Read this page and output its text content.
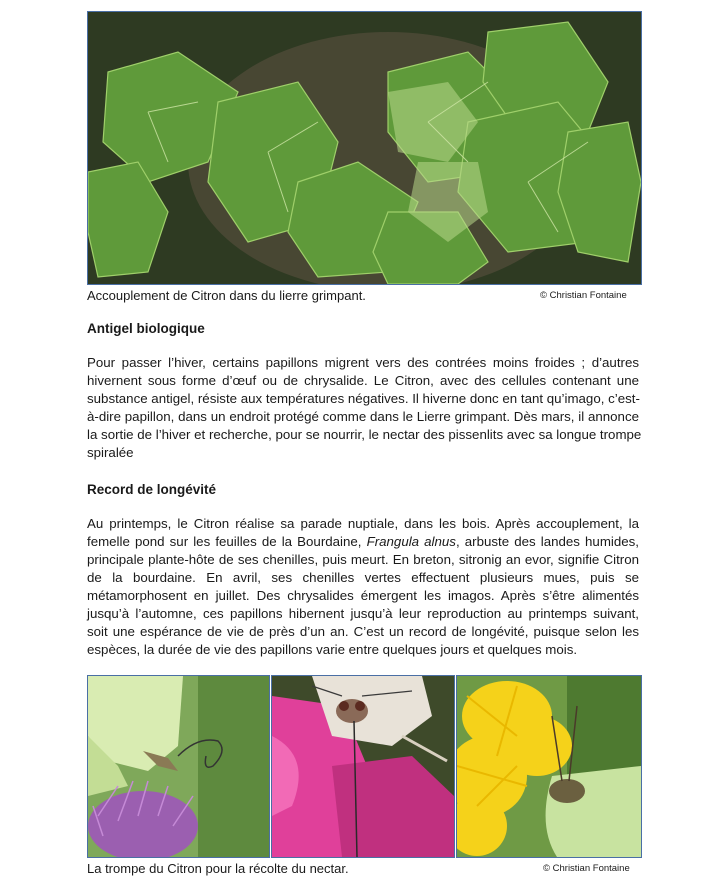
Accouplement de Citron dans du lierre grimpant.	© Christian Fontaine
Antigel biologique

Pour passer l’hiver, certains papillons migrent vers des contrées moins froides ; d’autres
hivernent sous forme d’œuf ou de chrysalide. Le Citron, avec des cellules contenant une
substance antigel, résiste aux températures négatives. Il hiverne donc en tant qu’imago, c’est-
à-dire papillon, dans un endroit protégé comme dans le Lierre grimpant. Dès mars, il annonce
la sortie de l’hiver et recherche, pour se nourrir, le nectar des pissenlits avec sa longue trompe
spiralée

Record de longévité

Au printemps, le Citron réalise sa parade nuptiale, dans les bois. Après accouplement, la
femelle pond sur les feuilles de la Bourdaine, Frangula alnus, arbuste des landes humides,
principale plante-hôte de ses chenilles, puis meurt. En breton, sitronig an evor, signifie Citron
de la bourdaine. En avril, ses chenilles vertes effectuent plusieurs mues, puis se
métamorphosent en juillet. Des chrysalides émergent les imagos. Après s’être alimentés
jusqu’à l’automne, ces papillons hibernent jusqu’à leur reproduction au printemps suivant,
soit une espérance de vie de près d’un an. C’est un record de longévité, puisque selon les
espèces, la durée de vie des papillons varie entre quelques jours et quelques mois.

La trompe du Citron pour la récolte du nectar.	© Christian Fontaine
